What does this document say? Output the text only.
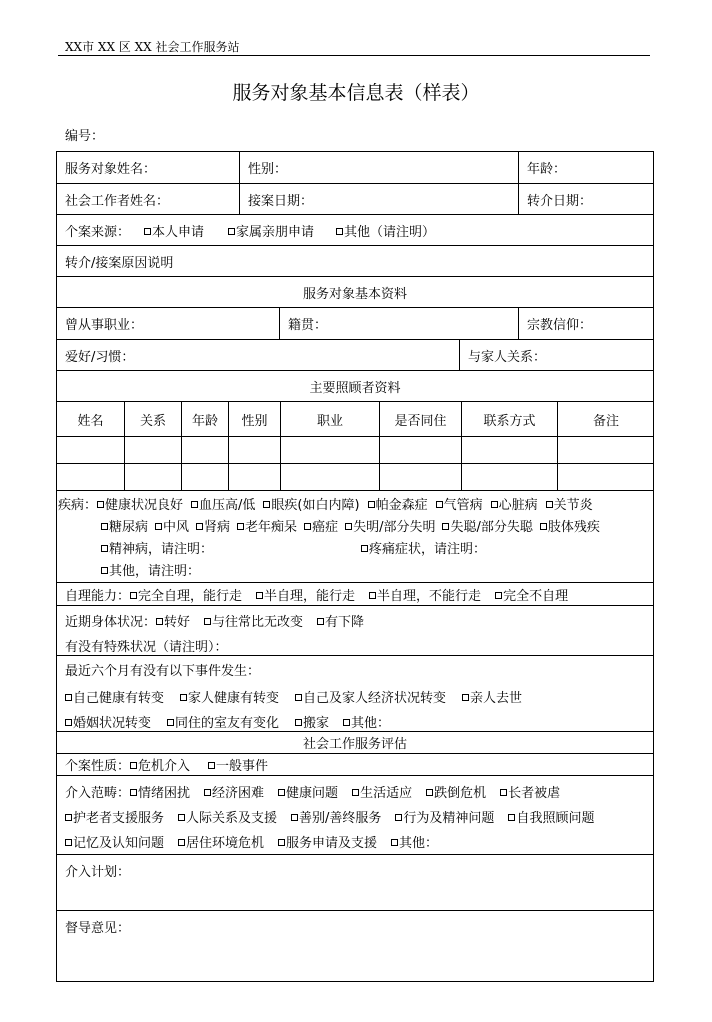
XX市 XX 区 XX 社会工作服务站
服务对象基本信息表（样表）
编号：
服务对象姓名：	性别：	年龄：
社会工作者姓名：	接案日期：	转介日期：
个案来源：	本人申请	家属亲朋申请	其他（请注明）
转介/接案原因说明
服务对象基本资料
曾从事职业：	籍贯：	宗教信仰：
爱好/习惯：	与家人关系：
主要照顾者资料
姓名	关系	年龄	性别	职业	是否同住	联系方式	备注
疾病： 健康状况良好 血压高/低 眼疾(如白内障) 帕金森症 气管病 心脏病 关节炎
糖尿病 中风 肾病 老年痴呆 癌症 失明/部分失明 失聪/部分失聪 肢体残疾
精神病，请注明：	疼痛症状，请注明：
其他，请注明：
自理能力： 完全自理，能行走	半自理，能行走	半自理，不能行走	完全不自理
近期身体状况： 转好 与往常比无改变 有下降
有没有特殊状况（请注明）：
最近六个月有没有以下事件发生：
自己健康有转变 家人健康有转变 自己及家人经济状况转变 亲人去世
婚姻状况转变 同住的室友有变化 搬家 其他：
社会工作服务评估
个案性质： 危机介入	一般事件
介入范畴： 情绪困扰 经济困难 健康问题 生活适应 跌倒危机 长者被虐
护老者支援服务 人际关系及支援 善别/善终服务 行为及精神问题 自我照顾问题
记忆及认知问题 居住环境危机 服务申请及支援 其他：
介入计划：
督导意见：
